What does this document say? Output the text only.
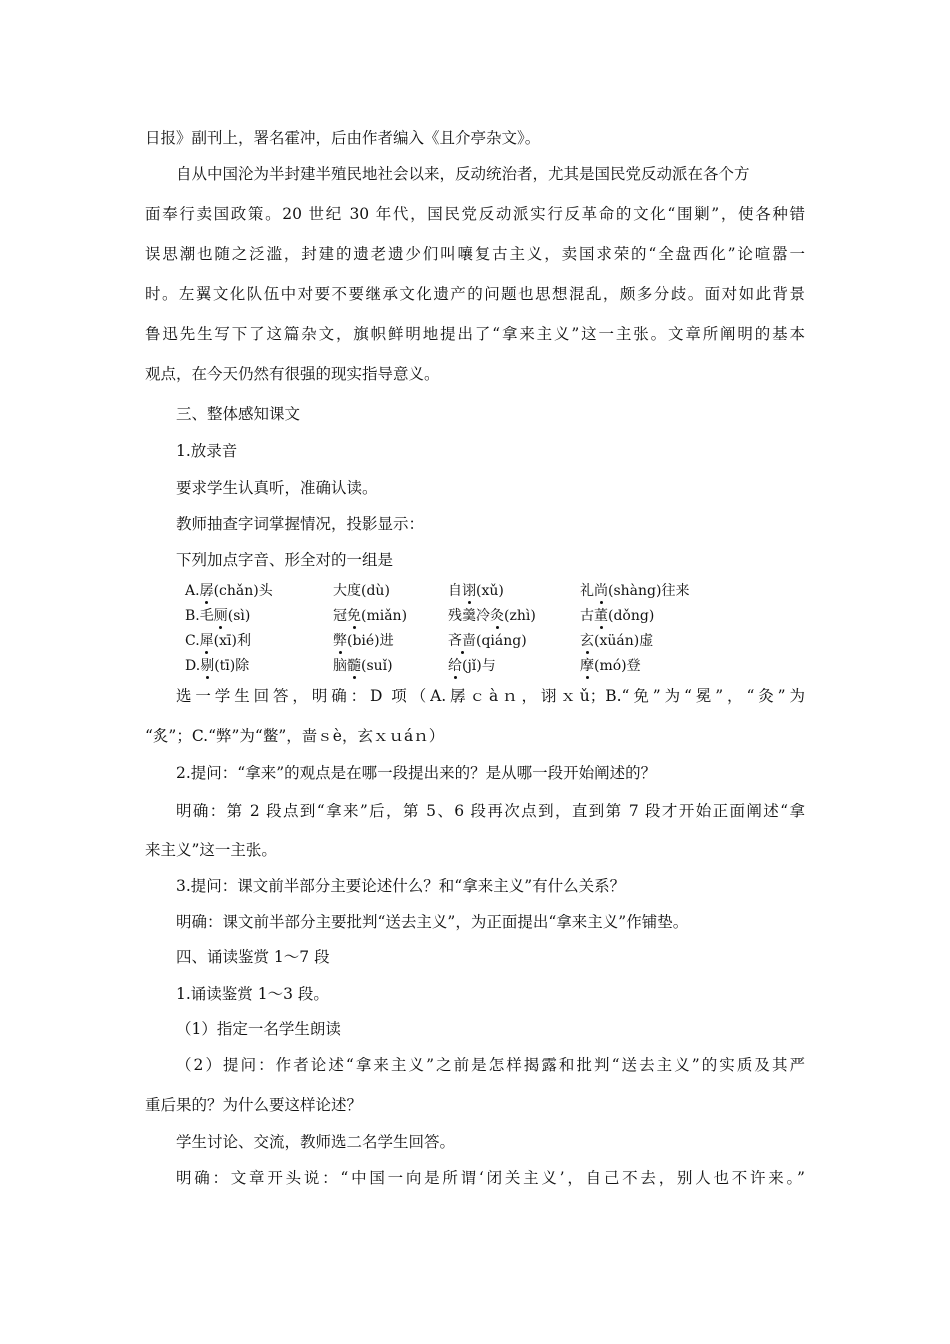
日报》副刊上，署名霍冲，后由作者编入《且介亭杂文》。
自从中国沦为半封建半殖民地社会以来，反动统治者，尤其是国民党反动派在各个方
面奉行卖国政策。20 世纪 30 年代，国民党反动派实行反革命的文化“围剿”，使各种错
误思潮也随之泛滥，封建的遗老遗少们叫嚷复古主义，卖国求荣的“全盘西化”论喧嚣一
时。左翼文化队伍中对要不要继承文化遗产的问题也思想混乱，颇多分歧。面对如此背景
鲁迅先生写下了这篇杂文，旗帜鲜明地提出了“拿来主义”这一主张。文章所阐明的基本
观点，在今天仍然有很强的现实指导意义。
三、整体感知课文
1.放录音
要求学生认真听，准确认读。
教师抽查字词掌握情况，投影显示：
下列加点字音、形全对的一组是
A.孱(chǎn)头	大度(dù)	自诩(xǔ)	礼尚(shàng)往来
B.毛厕(sì)	冠免(miǎn)	残羹冷灸(zhì)	古董(dǒng)
C.犀(xī)利	弊(bié)进	吝啬(qiáng)	玄(xüán)虚
D.剔(tī)除	脑髓(suǐ)	给(jǐ)与	摩(mó)登
选一学生回答，明确：D 项（A.孱ｃàｎ，诩ｘǔ；B.“免”为“冕”，“灸”为
“炙”；C.“弊”为“鳖”，啬ｓè，玄ｘｕáｎ）
2.提问：“拿来”的观点是在哪一段提出来的？是从哪一段开始阐述的？
明确：第 2 段点到“拿来”后，第 5、6 段再次点到，直到第 7 段才开始正面阐述“拿
来主义”这一主张。
3.提问：课文前半部分主要论述什么？和“拿来主义”有什么关系？
明确：课文前半部分主要批判“送去主义”，为正面提出“拿来主义”作铺垫。
四、诵读鉴赏 1～7 段
1.诵读鉴赏 1～3 段。
（1）指定一名学生朗读
（2）提问：作者论述“拿来主义”之前是怎样揭露和批判“送去主义”的实质及其严
重后果的？为什么要这样论述？
学生讨论、交流，教师选二名学生回答。
明确：文章开头说：“中国一向是所谓‘闭关主义’，自己不去，别人也不许来。”
